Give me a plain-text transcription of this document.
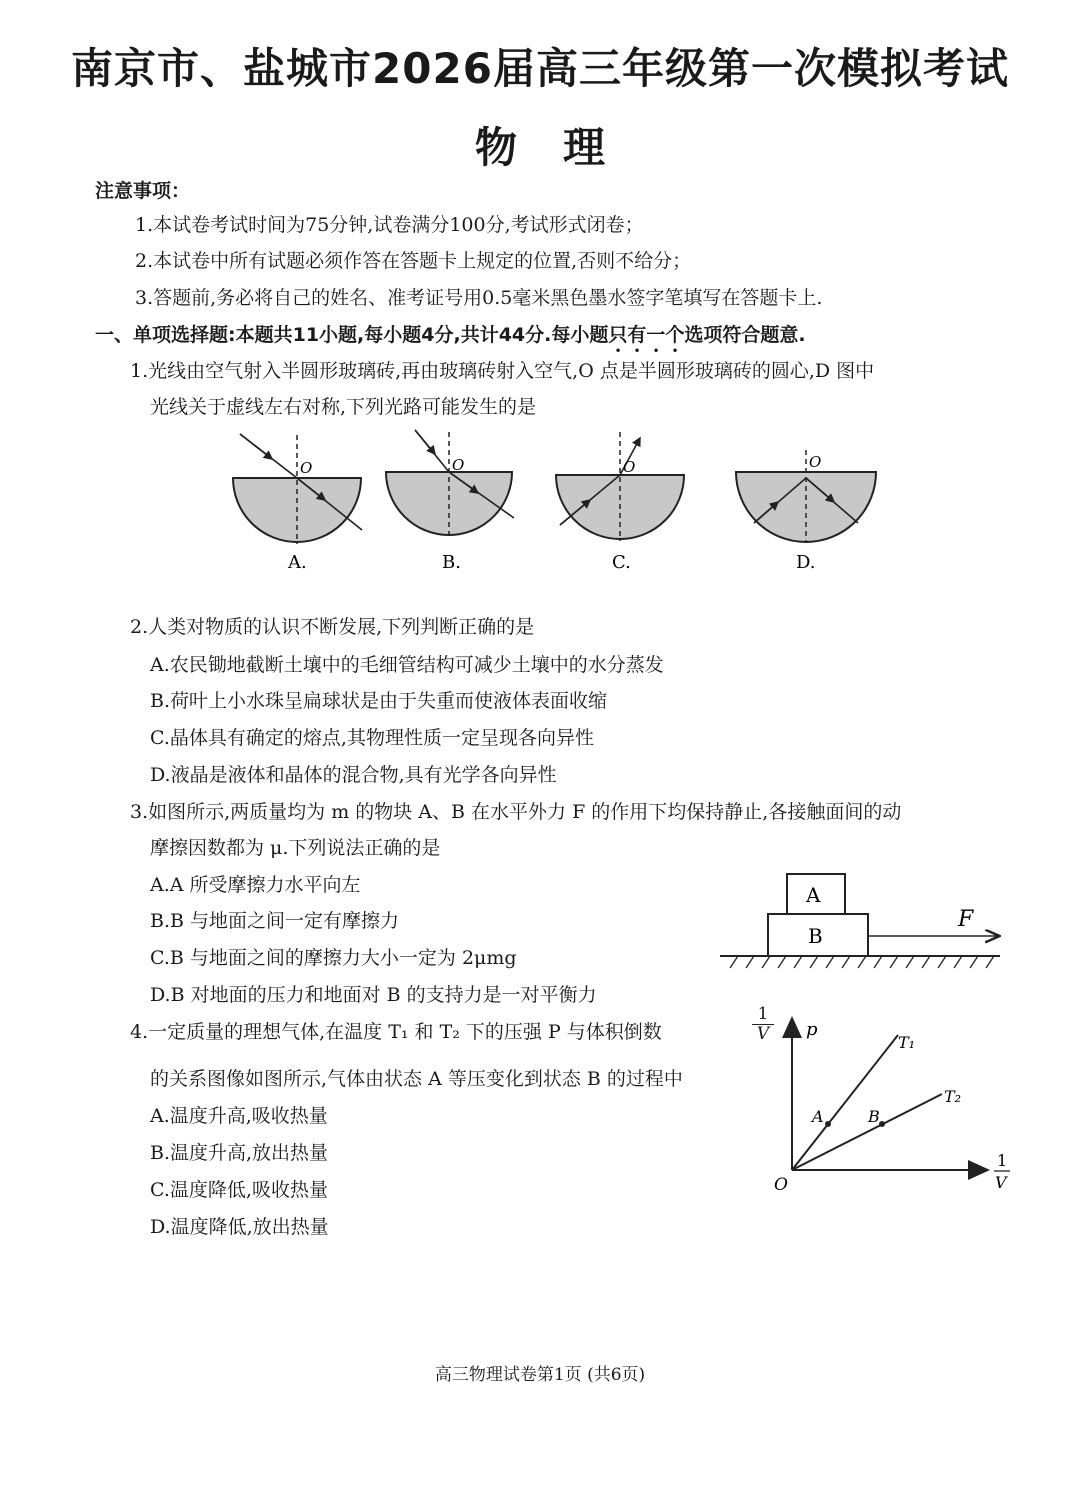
南京市、盐城市2026届高三年级第一次模拟考试
物理
注意事项：
1.本试卷考试时间为75分钟,试卷满分100分,考试形式闭卷；
2.本试卷中所有试题必须作答在答题卡上规定的位置,否则不给分；
3.答题前,务必将自己的姓名、准考证号用0.5毫米黑色墨水签字笔填写在答题卡上.
一、单项选择题:本题共11小题,每小题4分,共计44分.每小题只有一个选项符合题意.
1.光线由空气射入半圆形玻璃砖,再由玻璃砖射入空气,O 点是半圆形玻璃砖的圆心,D 图中
光线关于虚线左右对称,下列光路可能发生的是
O	O	O	O
A.	B.	C.	D.
2.人类对物质的认识不断发展,下列判断正确的是
A.农民锄地截断土壤中的毛细管结构可减少土壤中的水分蒸发
B.荷叶上小水珠呈扁球状是由于失重而使液体表面收缩
C.晶体具有确定的熔点,其物理性质一定呈现各向异性
D.液晶是液体和晶体的混合物,具有光学各向异性
3.如图所示,两质量均为 m 的物块 A、B 在水平外力 F 的作用下均保持静止,各接触面间的动
摩擦因数都为 μ.下列说法正确的是
A.A 所受摩擦力水平向左
B.B 与地面之间一定有摩擦力
C.B 与地面之间的摩擦力大小一定为 2μmg
D.B 对地面的压力和地面对 B 的支持力是一对平衡力
A
B
F
4.一定质量的理想气体,在温度 T₁ 和 T₂ 下的压强 P 与体积倒数	$\frac{1}{V}$
的关系图像如图所示,气体由状态 A 等压变化到状态 B 的过程中
A.温度升高,吸收热量
B.温度升高,放出热量
C.温度降低,吸收热量
D.温度降低,放出热量
p
O
T₁
T₂
A	B
1
V
高三物理试卷第1页 (共6页)
